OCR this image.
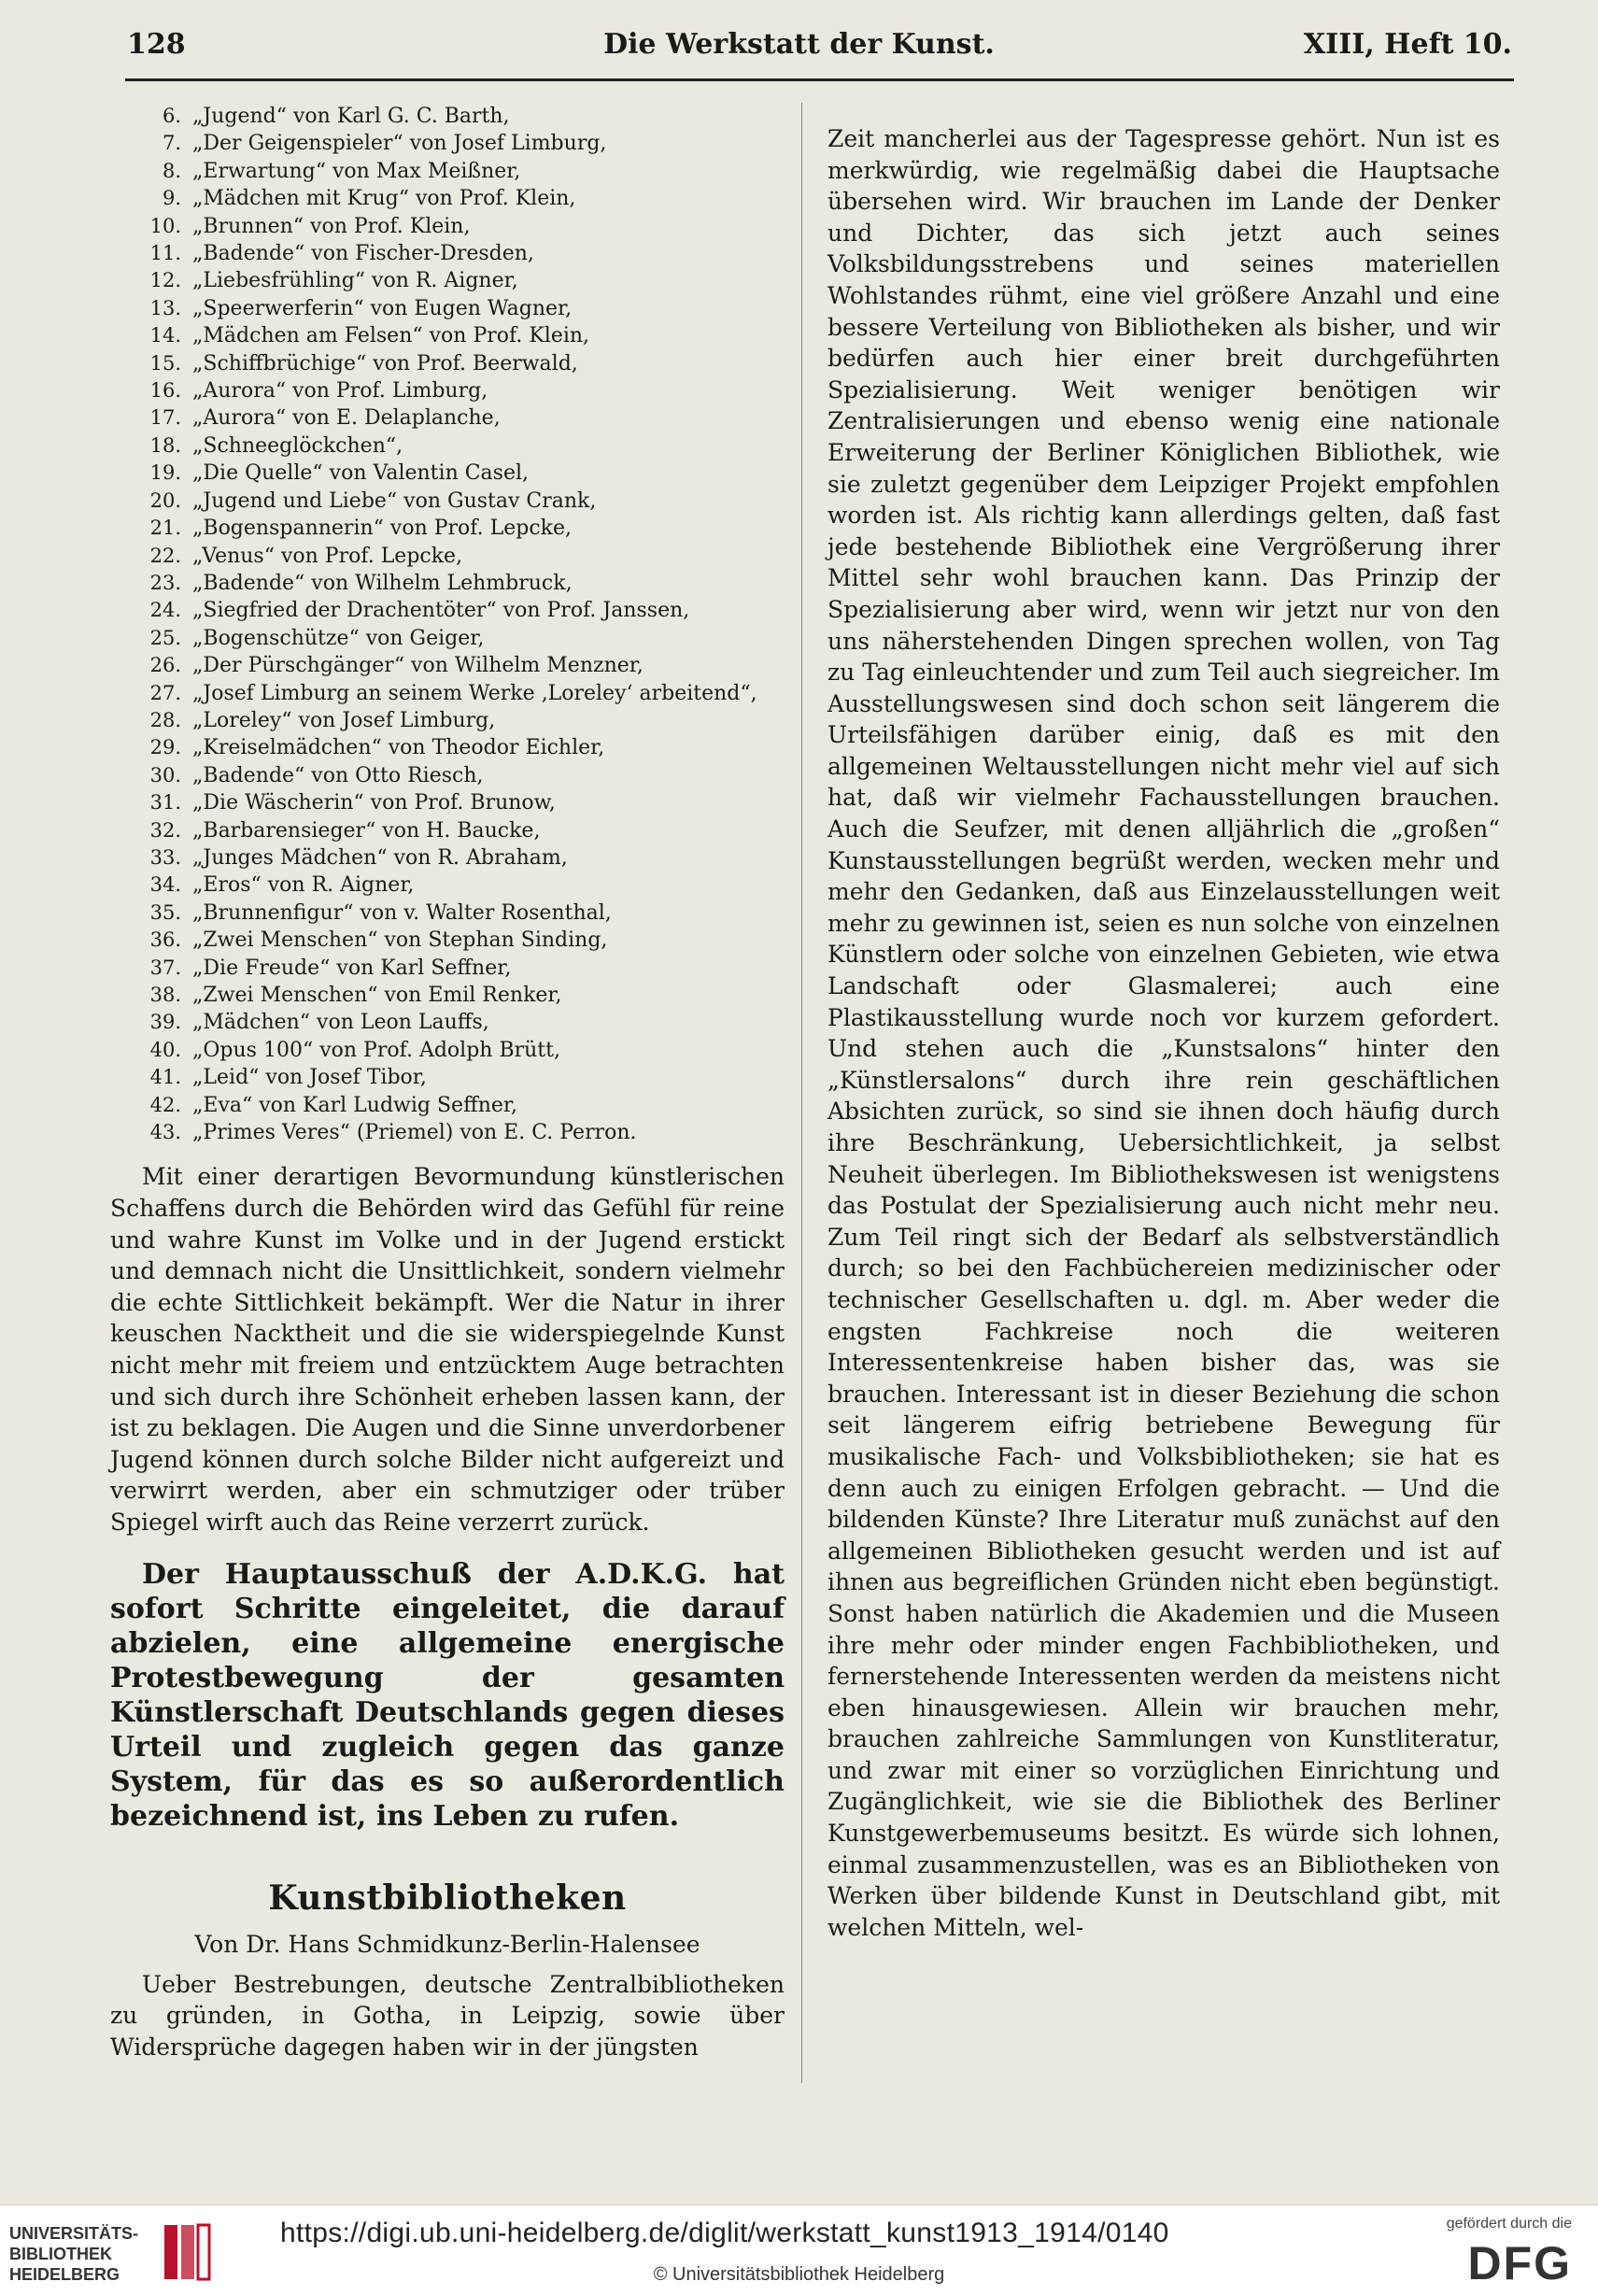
128	Die Werkstatt der Kunst.	XIII, Heft 10.
6. „Jugend“ von Karl G. C. Barth,
7. „Der Geigenspieler“ von Josef Limburg,
8. „Erwartung“ von Max Meißner,
9. „Mädchen mit Krug“ von Prof. Klein,
10. „Brunnen“ von Prof. Klein,
11. „Badende“ von Fischer-Dresden,
12. „Liebesfrühling“ von R. Aigner,
13. „Speerwerferin“ von Eugen Wagner,
14. „Mädchen am Felsen“ von Prof. Klein,
15. „Schiffbrüchige“ von Prof. Beerwald,
16. „Aurora“ von Prof. Limburg,
17. „Aurora“ von E. Delaplanche,
18. „Schneeglöckchen“,
19. „Die Quelle“ von Valentin Casel,
20. „Jugend und Liebe“ von Gustav Crank,
21. „Bogenspannerin“ von Prof. Lepcke,
22. „Venus“ von Prof. Lepcke,
23. „Badende“ von Wilhelm Lehmbruck,
24. „Siegfried der Drachentöter“ von Prof. Janssen,
25. „Bogenschütze“ von Geiger,
26. „Der Pürschgänger“ von Wilhelm Menzner,
27. „Josef Limburg an seinem Werke ‚Loreley‘ arbeitend“,
28. „Loreley“ von Josef Limburg,
29. „Kreiselmädchen“ von Theodor Eichler,
30. „Badende“ von Otto Riesch,
31. „Die Wäscherin“ von Prof. Brunow,
32. „Barbarensieger“ von H. Baucke,
33. „Junges Mädchen“ von R. Abraham,
34. „Eros“ von R. Aigner,
35. „Brunnenfigur“ von v. Walter Rosenthal,
36. „Zwei Menschen“ von Stephan Sinding,
37. „Die Freude“ von Karl Seffner,
38. „Zwei Menschen“ von Emil Renker,
39. „Mädchen“ von Leon Lauffs,
40. „Opus 100“ von Prof. Adolph Brütt,
41. „Leid“ von Josef Tibor,
42. „Eva“ von Karl Ludwig Seffner,
43. „Primes Veres“ (Priemel) von E. C. Perron.

Mit einer derartigen Bevormundung künstlerischen Schaffens durch die Behörden wird das Gefühl für reine und wahre Kunst im Volke und in der Jugend erstickt und demnach nicht die Unsittlichkeit, sondern vielmehr die echte Sittlichkeit bekämpft. Wer die Natur in ihrer keuschen Nacktheit und die sie widerspiegelnde Kunst nicht mehr mit freiem und entzücktem Auge betrachten und sich durch ihre Schönheit erheben lassen kann, der ist zu beklagen. Die Augen und die Sinne unverdorbener Jugend können durch solche Bilder nicht aufgereizt und verwirrt werden, aber ein schmutziger oder trüber Spiegel wirft auch das Reine verzerrt zurück.

Der Hauptausschuß der A.D.K.G. hat sofort Schritte eingeleitet, die darauf abzielen, eine allgemeine energische Protestbewegung der gesamten Künstlerschaft Deutschlands gegen dieses Urteil und zugleich gegen das ganze System, für das es so außerordentlich bezeichnend ist, ins Leben zu rufen.

Kunstbibliotheken
Von Dr. Hans Schmidkunz-Berlin-Halensee

Ueber Bestrebungen, deutsche Zentralbibliotheken zu gründen, in Gotha, in Leipzig, sowie über Widersprüche dagegen haben wir in der jüngsten

Zeit mancherlei aus der Tagespresse gehört. Nun ist es merkwürdig, wie regelmäßig dabei die Hauptsache übersehen wird. Wir brauchen im Lande der Denker und Dichter, das sich jetzt auch seines Volksbildungsstrebens und seines materiellen Wohlstandes rühmt, eine viel größere Anzahl und eine bessere Verteilung von Bibliotheken als bisher, und wir bedürfen auch hier einer breit durchgeführten Spezialisierung. Weit weniger benötigen wir Zentralisierungen und ebenso wenig eine nationale Erweiterung der Berliner Königlichen Bibliothek, wie sie zuletzt gegenüber dem Leipziger Projekt empfohlen worden ist. Als richtig kann allerdings gelten, daß fast jede bestehende Bibliothek eine Vergrößerung ihrer Mittel sehr wohl brauchen kann. Das Prinzip der Spezialisierung aber wird, wenn wir jetzt nur von den uns näherstehenden Dingen sprechen wollen, von Tag zu Tag einleuchtender und zum Teil auch siegreicher. Im Ausstellungswesen sind doch schon seit längerem die Urteilsfähigen darüber einig, daß es mit den allgemeinen Weltausstellungen nicht mehr viel auf sich hat, daß wir vielmehr Fachausstellungen brauchen. Auch die Seufzer, mit denen alljährlich die „großen“ Kunstausstellungen begrüßt werden, wecken mehr und mehr den Gedanken, daß aus Einzelausstellungen weit mehr zu gewinnen ist, seien es nun solche von einzelnen Künstlern oder solche von einzelnen Gebieten, wie etwa Landschaft oder Glasmalerei; auch eine Plastikausstellung wurde noch vor kurzem gefordert. Und stehen auch die „Kunstsalons“ hinter den „Künstlersalons“ durch ihre rein geschäftlichen Absichten zurück, so sind sie ihnen doch häufig durch ihre Beschränkung, Uebersichtlichkeit, ja selbst Neuheit überlegen. Im Bibliothekswesen ist wenigstens das Postulat der Spezialisierung auch nicht mehr neu. Zum Teil ringt sich der Bedarf als selbstverständlich durch; so bei den Fachbüchereien medizinischer oder technischer Gesellschaften u. dgl. m. Aber weder die engsten Fachkreise noch die weiteren Interessentenkreise haben bisher das, was sie brauchen. Interessant ist in dieser Beziehung die schon seit längerem eifrig betriebene Bewegung für musikalische Fach- und Volksbibliotheken; sie hat es denn auch zu einigen Erfolgen gebracht. — Und die bildenden Künste? Ihre Literatur muß zunächst auf den allgemeinen Bibliotheken gesucht werden und ist auf ihnen aus begreiflichen Gründen nicht eben begünstigt. Sonst haben natürlich die Akademien und die Museen ihre mehr oder minder engen Fachbibliotheken, und fernerstehende Interessenten werden da meistens nicht eben hinausgewiesen. Allein wir brauchen mehr, brauchen zahlreiche Sammlungen von Kunstliteratur, und zwar mit einer so vorzüglichen Einrichtung und Zugänglichkeit, wie sie die Bibliothek des Berliner Kunstgewerbemuseums besitzt. Es würde sich lohnen, einmal zusammenzustellen, was es an Bibliotheken von Werken über bildende Kunst in Deutschland gibt, mit welchen Mitteln, wel-

UNIVERSITÄTS-
BIBLIOTHEK
HEIDELBERG
https://digi.ub.uni-heidelberg.de/diglit/werkstatt_kunst1913_1914/0140
© Universitätsbibliothek Heidelberg
gefördert durch die
DFG
